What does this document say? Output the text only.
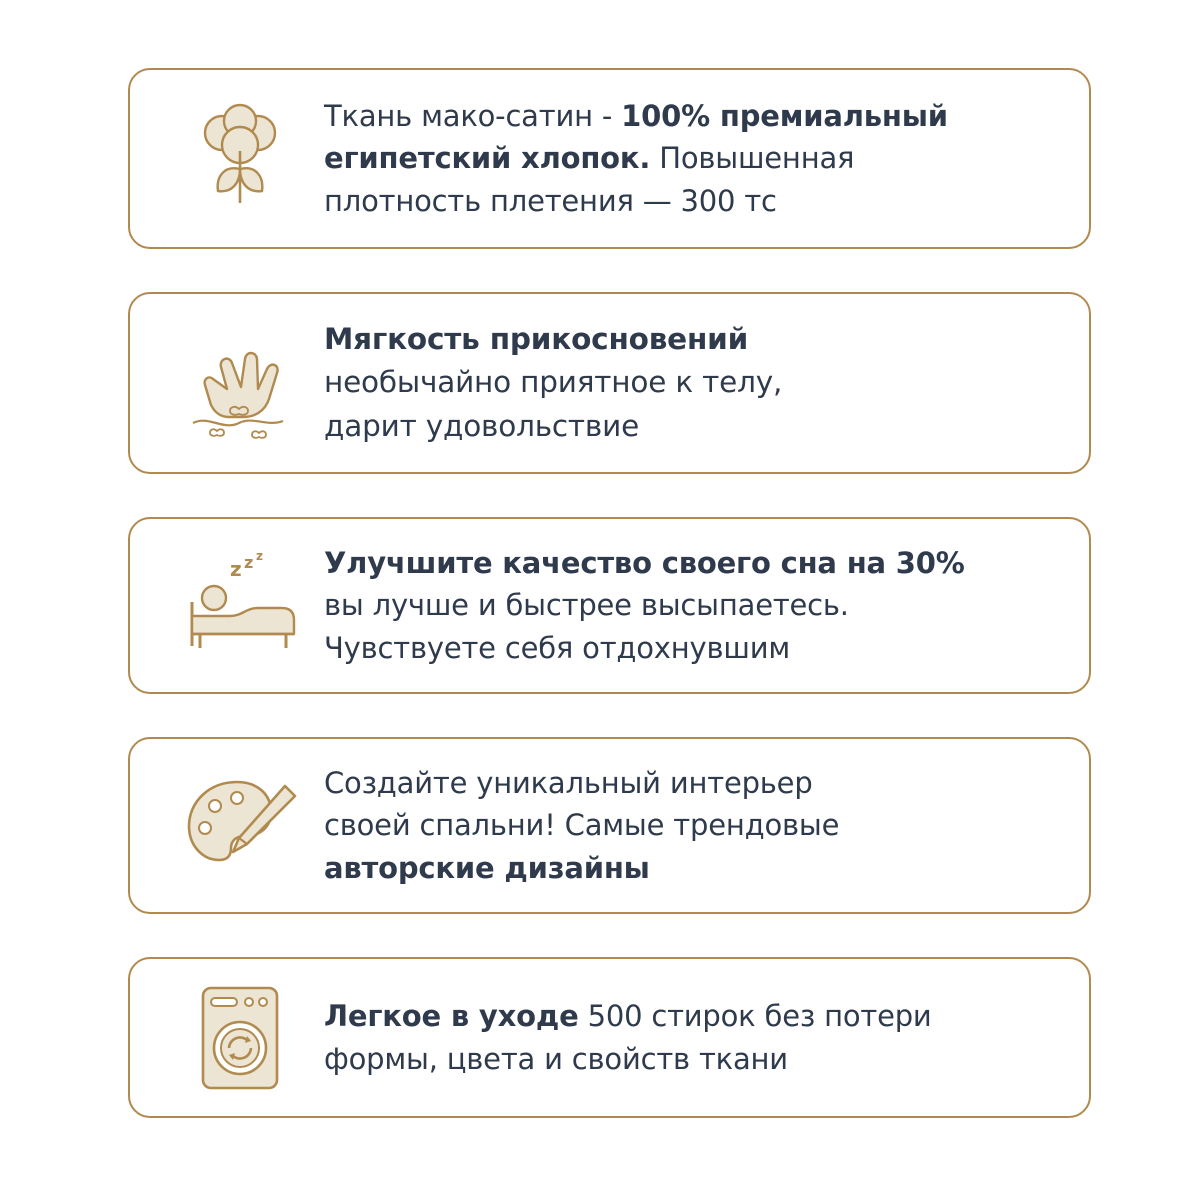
Ткань мако-сатин - 100% премиальный
египетский хлопок. Повышенная
плотность плетения — 300 тс
Мягкость прикосновений
необычайно приятное к телу,
дарит удовольствие
z z z Улучшите качество своего сна на 30%
вы лучше и быстрее высыпаетесь.
Чувствуете себя отдохнувшим
Создайте уникальный интерьер
своей спальни! Самые трендовые
авторские дизайны
Легкое в уходе 500 стирок без потери
формы, цвета и свойств ткани
